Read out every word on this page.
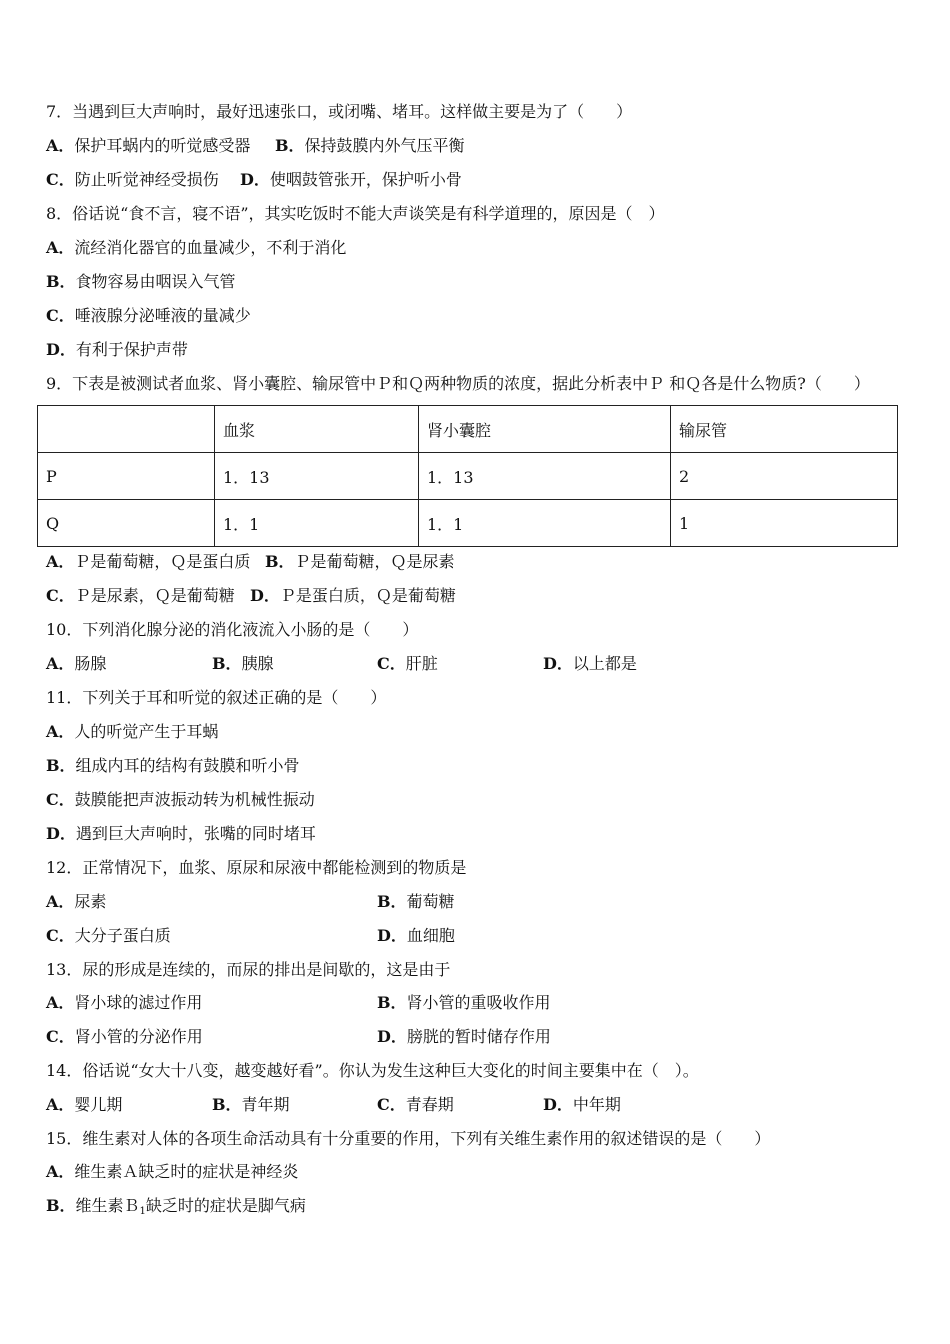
7．当遇到巨大声响时，最好迅速张口，或闭嘴、堵耳。这样做主要是为了（　　）
A．保护耳蜗内的听觉感受器 B．保持鼓膜内外气压平衡
C．防止听觉神经受损伤 D．使咽鼓管张开，保护听小骨
8．俗话说“食不言，寝不语”，其实吃饭时不能大声谈笑是有科学道理的，原因是（　）
A．流经消化器官的血量减少，不利于消化
B．食物容易由咽误入气管
C．唾液腺分泌唾液的量减少
D．有利于保护声带
9．下表是被测试者血浆、肾小囊腔、输尿管中Ｐ和Ｑ两种物质的浓度，据此分析表中Ｐ 和Ｑ各是什么物质?（　　）
	血浆	肾小囊腔	输尿管
P	1．13	1．13	2
Q	1．1	1．1	1
A．Ｐ是葡萄糖，Ｑ是蛋白质 B．Ｐ是葡萄糖，Ｑ是尿素
C．Ｐ是尿素，Ｑ是葡萄糖 D．Ｐ是蛋白质，Ｑ是葡萄糖
10．下列消化腺分泌的消化液流入小肠的是（　　）
A．肠腺	B．胰腺	C．肝脏	D．以上都是
11．下列关于耳和听觉的叙述正确的是（　　）
A．人的听觉产生于耳蜗
B．组成内耳的结构有鼓膜和听小骨
C．鼓膜能把声波振动转为机械性振动
D．遇到巨大声响时，张嘴的同时堵耳
12．正常情况下，血浆、原尿和尿液中都能检测到的物质是
A．尿素	B．葡萄糖
C．大分子蛋白质	D．血细胞
13．尿的形成是连续的，而尿的排出是间歇的，这是由于
A．肾小球的滤过作用	B．肾小管的重吸收作用
C．肾小管的分泌作用	D．膀胱的暂时储存作用
14．俗话说“女大十八变，越变越好看”。你认为发生这种巨大变化的时间主要集中在（　）。
A．婴儿期	B．青年期	C．青春期	D．中年期
15．维生素对人体的各项生命活动具有十分重要的作用，下列有关维生素作用的叙述错误的是（　　）
A．维生素Ａ缺乏时的症状是神经炎
B．维生素Ｂ$_1$缺乏时的症状是脚气病
